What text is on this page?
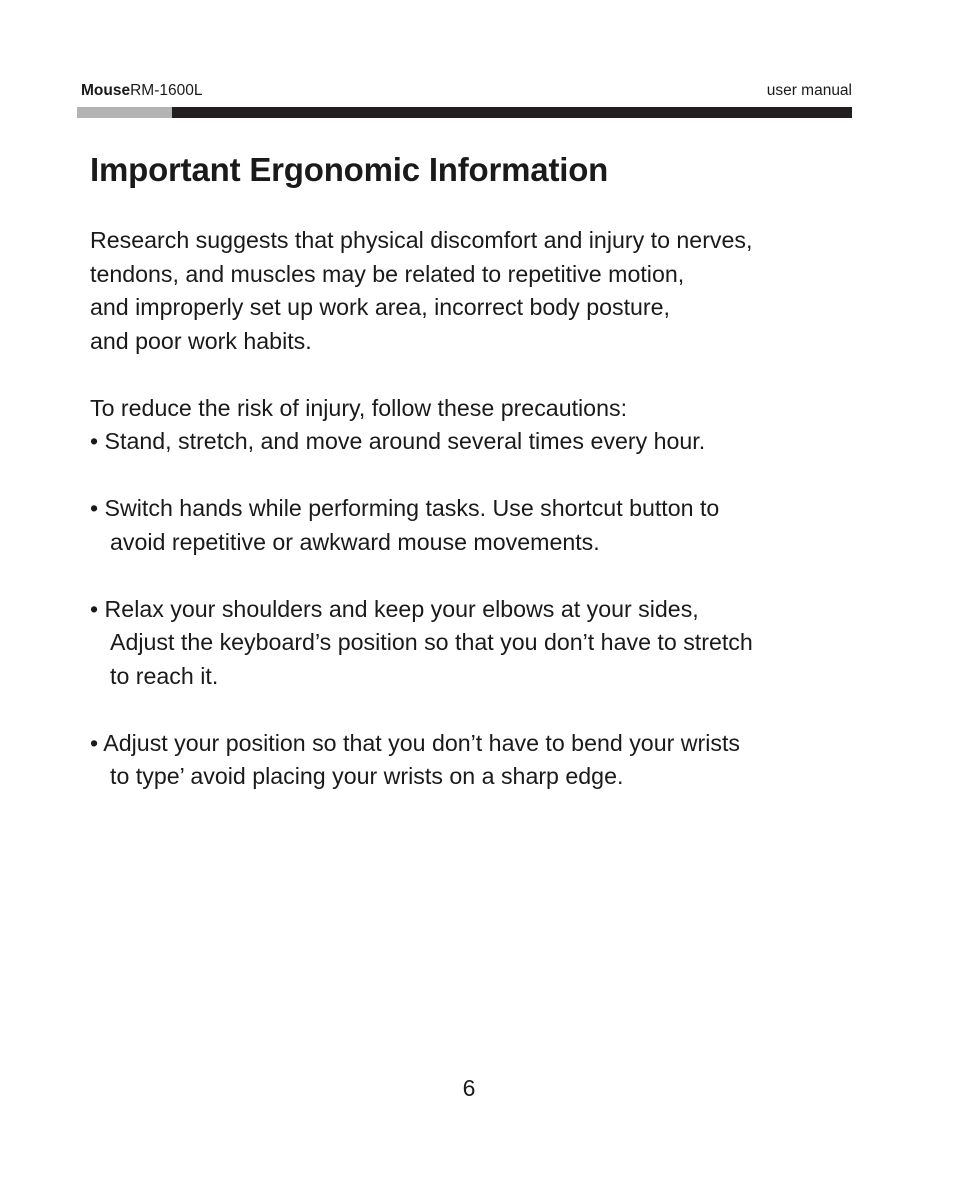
MouseRM-1600L	user manual
Important Ergonomic Information
Research suggests that physical discomfort and injury to nerves,
tendons, and muscles may be related to repetitive motion,
and improperly set up work area, incorrect body posture,
and poor work habits.
To reduce the risk of injury, follow these precautions:
• Stand, stretch, and move around several times every hour.
• Switch hands while performing tasks. Use shortcut button to
avoid repetitive or awkward mouse movements.
• Relax your shoulders and keep your elbows at your sides,
Adjust the keyboard’s position so that you don’t have to stretch
to reach it.
• Adjust your position so that you don’t have to bend your wrists
to type’ avoid placing your wrists on a sharp edge.
6
